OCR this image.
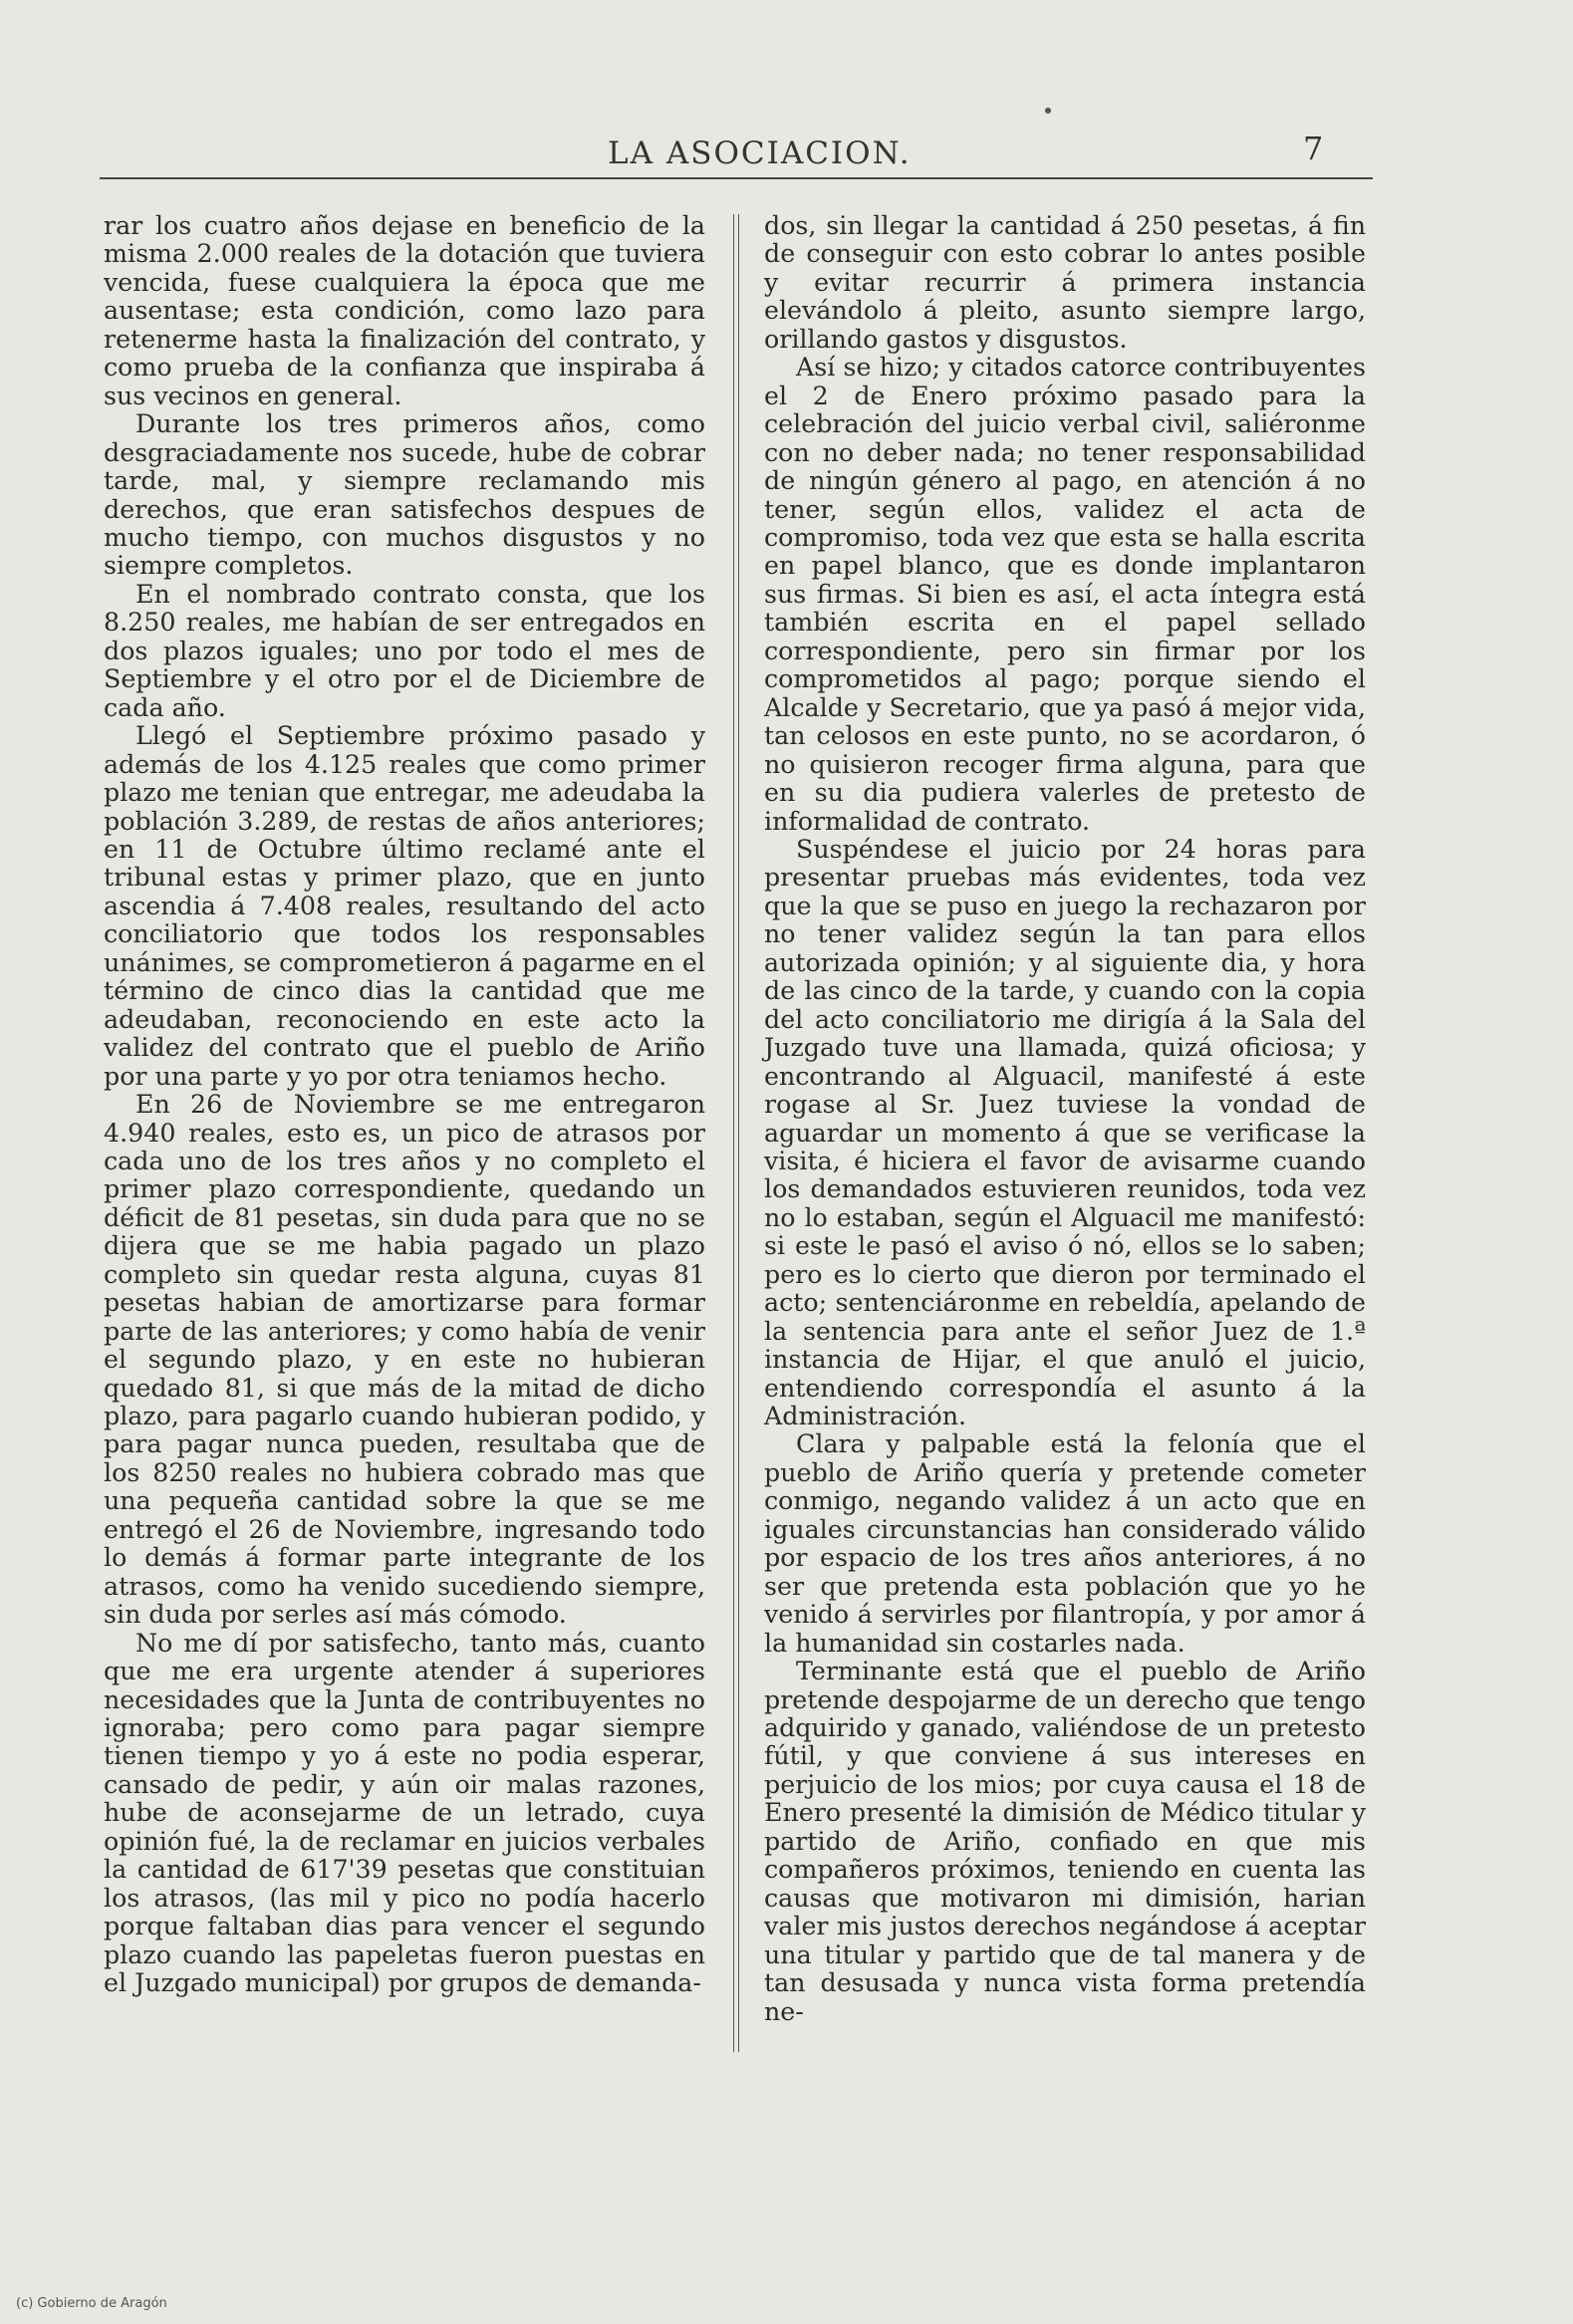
LA ASOCIACION.	7

rar los cuatro años dejase en beneficio de la misma 2.000 reales de la dotación que tuviera vencida, fuese cualquiera la época que me ausentase; esta condición, como lazo para retenerme hasta la finalización del contrato, y como prueba de la confianza que inspiraba á sus vecinos en general.

Durante los tres primeros años, como desgraciadamente nos sucede, hube de cobrar tarde, mal, y siempre reclamando mis derechos, que eran satisfechos despues de mucho tiempo, con muchos disgustos y no siempre completos.

En el nombrado contrato consta, que los 8.250 reales, me habían de ser entregados en dos plazos iguales; uno por todo el mes de Septiembre y el otro por el de Diciembre de cada año.

Llegó el Septiembre próximo pasado y además de los 4.125 reales que como primer plazo me tenian que entregar, me adeudaba la población 3.289, de restas de años anteriores; en 11 de Octubre último reclamé ante el tribunal estas y primer plazo, que en junto ascendia á 7.408 reales, resultando del acto conciliatorio que todos los responsables unánimes, se comprometieron á pagarme en el término de cinco dias la cantidad que me adeudaban, reconociendo en este acto la validez del contrato que el pueblo de Ariño por una parte y yo por otra teniamos hecho.

En 26 de Noviembre se me entregaron 4.940 reales, esto es, un pico de atrasos por cada uno de los tres años y no completo el primer plazo correspondiente, quedando un déficit de 81 pesetas, sin duda para que no se dijera que se me habia pagado un plazo completo sin quedar resta alguna, cuyas 81 pesetas habian de amortizarse para formar parte de las anteriores; y como había de venir el segundo plazo, y en este no hubieran quedado 81, si que más de la mitad de dicho plazo, para pagarlo cuando hubieran podido, y para pagar nunca pueden, resultaba que de los 8250 reales no hubiera cobrado mas que una pequeña cantidad sobre la que se me entregó el 26 de Noviembre, ingresando todo lo demás á formar parte integrante de los atrasos, como ha venido sucediendo siempre, sin duda por serles así más cómodo.

No me dí por satisfecho, tanto más, cuanto que me era urgente atender á superiores necesidades que la Junta de contribuyentes no ignoraba; pero como para pagar siempre tienen tiempo y yo á este no podia esperar, cansado de pedir, y aún oir malas razones, hube de aconsejarme de un letrado, cuya opinión fué, la de reclamar en juicios verbales la cantidad de 617'39 pesetas que constituian los atrasos, (las mil y pico no podía hacerlo porque faltaban dias para vencer el segundo plazo cuando las papeletas fueron puestas en el Juzgado municipal) por grupos de demanda-

dos, sin llegar la cantidad á 250 pesetas, á fin de conseguir con esto cobrar lo antes posible y evitar recurrir á primera instancia elevándolo á pleito, asunto siempre largo, orillando gastos y disgustos.

Así se hizo; y citados catorce contribuyentes el 2 de Enero próximo pasado para la celebración del juicio verbal civil, saliéronme con no deber nada; no tener responsabilidad de ningún género al pago, en atención á no tener, según ellos, validez el acta de compromiso, toda vez que esta se halla escrita en papel blanco, que es donde implantaron sus firmas. Si bien es así, el acta íntegra está también escrita en el papel sellado correspondiente, pero sin firmar por los comprometidos al pago; porque siendo el Alcalde y Secretario, que ya pasó á mejor vida, tan celosos en este punto, no se acordaron, ó no quisieron recoger firma alguna, para que en su dia pudiera valerles de pretesto de informalidad de contrato.

Suspéndese el juicio por 24 horas para presentar pruebas más evidentes, toda vez que la que se puso en juego la rechazaron por no tener validez según la tan para ellos autorizada opinión; y al siguiente dia, y hora de las cinco de la tarde, y cuando con la copia del acto conciliatorio me dirigía á la Sala del Juzgado tuve una llamada, quizá oficiosa; y encontrando al Alguacil, manifesté á este rogase al Sr. Juez tuviese la vondad de aguardar un momento á que se verificase la visita, é hiciera el favor de avisarme cuando los demandados estuvieren reunidos, toda vez no lo estaban, según el Alguacil me manifestó: si este le pasó el aviso ó nó, ellos se lo saben; pero es lo cierto que dieron por terminado el acto; sentenciáronme en rebeldía, apelando de la sentencia para ante el señor Juez de 1.ª instancia de Hijar, el que anuló el juicio, entendiendo correspondía el asunto á la Administración.

Clara y palpable está la felonía que el pueblo de Ariño quería y pretende cometer conmigo, negando validez á un acto que en iguales circunstancias han considerado válido por espacio de los tres años anteriores, á no ser que pretenda esta población que yo he venido á servirles por filantropía, y por amor á la humanidad sin costarles nada.

Terminante está que el pueblo de Ariño pretende despojarme de un derecho que tengo adquirido y ganado, valiéndose de un pretesto fútil, y que conviene á sus intereses en perjuicio de los mios; por cuya causa el 18 de Enero presenté la dimisión de Médico titular y partido de Ariño, confiado en que mis compañeros próximos, teniendo en cuenta las causas que motivaron mi dimisión, harian valer mis justos derechos negándose á aceptar una titular y partido que de tal manera y de tan desusada y nunca vista forma pretendía ne-

(c) Gobierno de Aragón
